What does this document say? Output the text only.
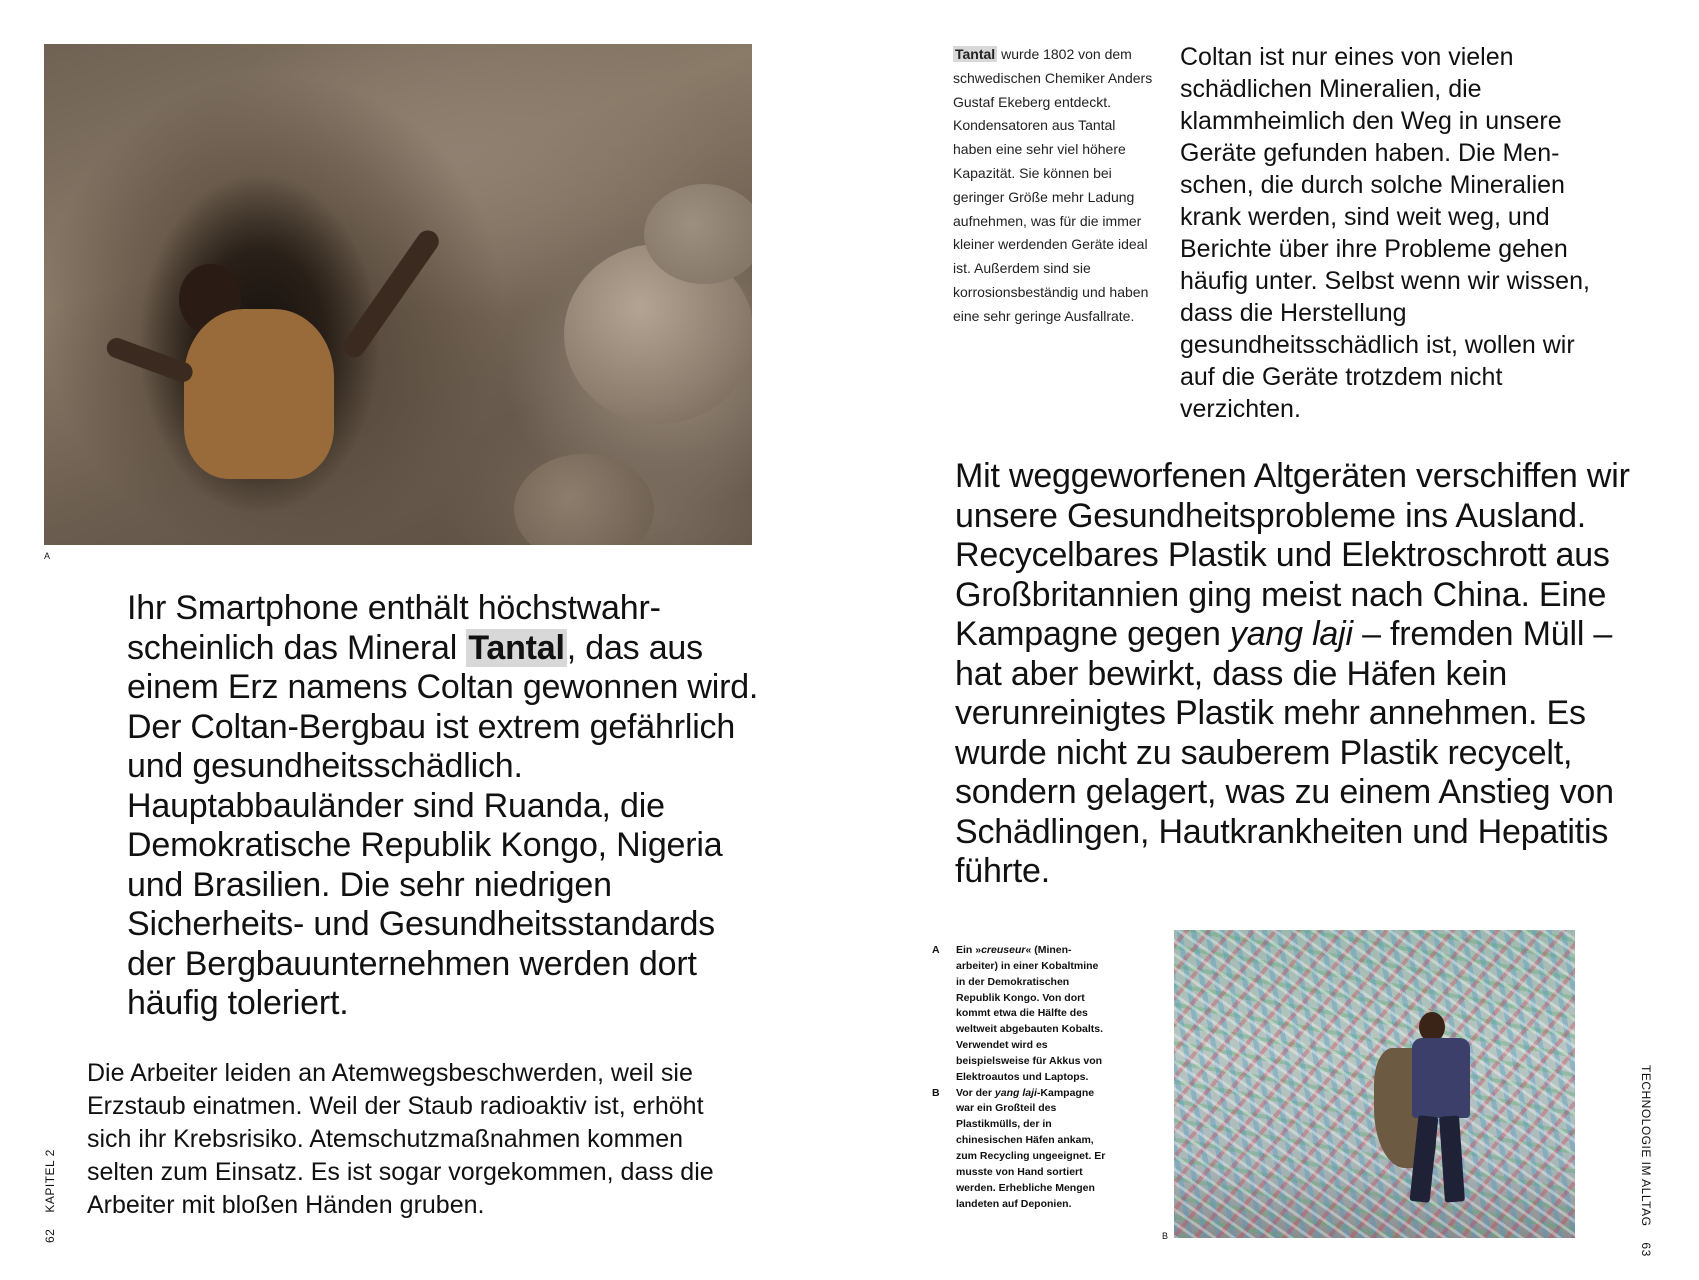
A
Ihr Smartphone enthält höchstwahrscheinlich das Mineral Tantal, das aus einem Erz namens Coltan gewonnen wird. Der Coltan-Bergbau ist extrem gefährlich und gesundheitsschädlich. Hauptabbauländer sind Ruanda, die Demokratische Republik Kongo, Nigeria und Brasilien. Die sehr niedrigen Sicherheits- und Gesundheitsstandards der Bergbauunternehmen werden dort häufig toleriert.
Die Arbeiter leiden an Atemwegsbeschwerden, weil sie Erzstaub einatmen. Weil der Staub radioaktiv ist, erhöht sich ihr Krebsrisiko. Atemschutzmaßnahmen kommen selten zum Einsatz. Es ist sogar vorgekommen, dass die Arbeiter mit bloßen Händen gruben.
62KAPITEL 2
Tantal wurde 1802 von dem schwedischen Chemiker Anders Gustaf Ekeberg entdeckt. Kondensatoren aus Tantal haben eine sehr viel höhere Kapazität. Sie können bei geringer Größe mehr Ladung aufnehmen, was für die immer kleiner werdenden Geräte ideal ist. Außerdem sind sie korrosionsbeständig und haben eine sehr geringe Ausfallrate.
Coltan ist nur eines von vielen schädlichen Mineralien, die klammheimlich den Weg in unsere Geräte gefunden haben. Die Menschen, die durch solche Mineralien krank werden, sind weit weg, und Berichte über ihre Probleme gehen häufig unter. Selbst wenn wir wissen, dass die Herstellung gesundheitsschädlich ist, wollen wir auf die Geräte trotzdem nicht verzichten.
Mit weggeworfenen Altgeräten verschiffen wir unsere Gesundheitsprobleme ins Ausland. Recycelbares Plastik und Elektroschrott aus Großbritannien ging meist nach China. Eine Kampagne gegen yang laji – fremden Müll – hat aber bewirkt, dass die Häfen kein verunreinigtes Plastik mehr annehmen. Es wurde nicht zu sauberem Plastik recycelt, sondern gelagert, was zu einem Anstieg von Schädlingen, Hautkrankheiten und Hepatitis führte.
A Ein »creuseur« (Minenarbeiter) in einer Kobaltmine in der Demokratischen Republik Kongo. Von dort kommt etwa die Hälfte des weltweit abgebauten Kobalts. Verwendet wird es beispielsweise für Akkus von Elektroautos und Laptops.
B Vor der yang laji-Kampagne war ein Großteil des Plastikmülls, der in chinesischen Häfen ankam, zum Recycling ungeeignet. Er musste von Hand sortiert werden. Erhebliche Mengen landeten auf Deponien.
B
TECHNOLOGIE IM ALLTAG63
